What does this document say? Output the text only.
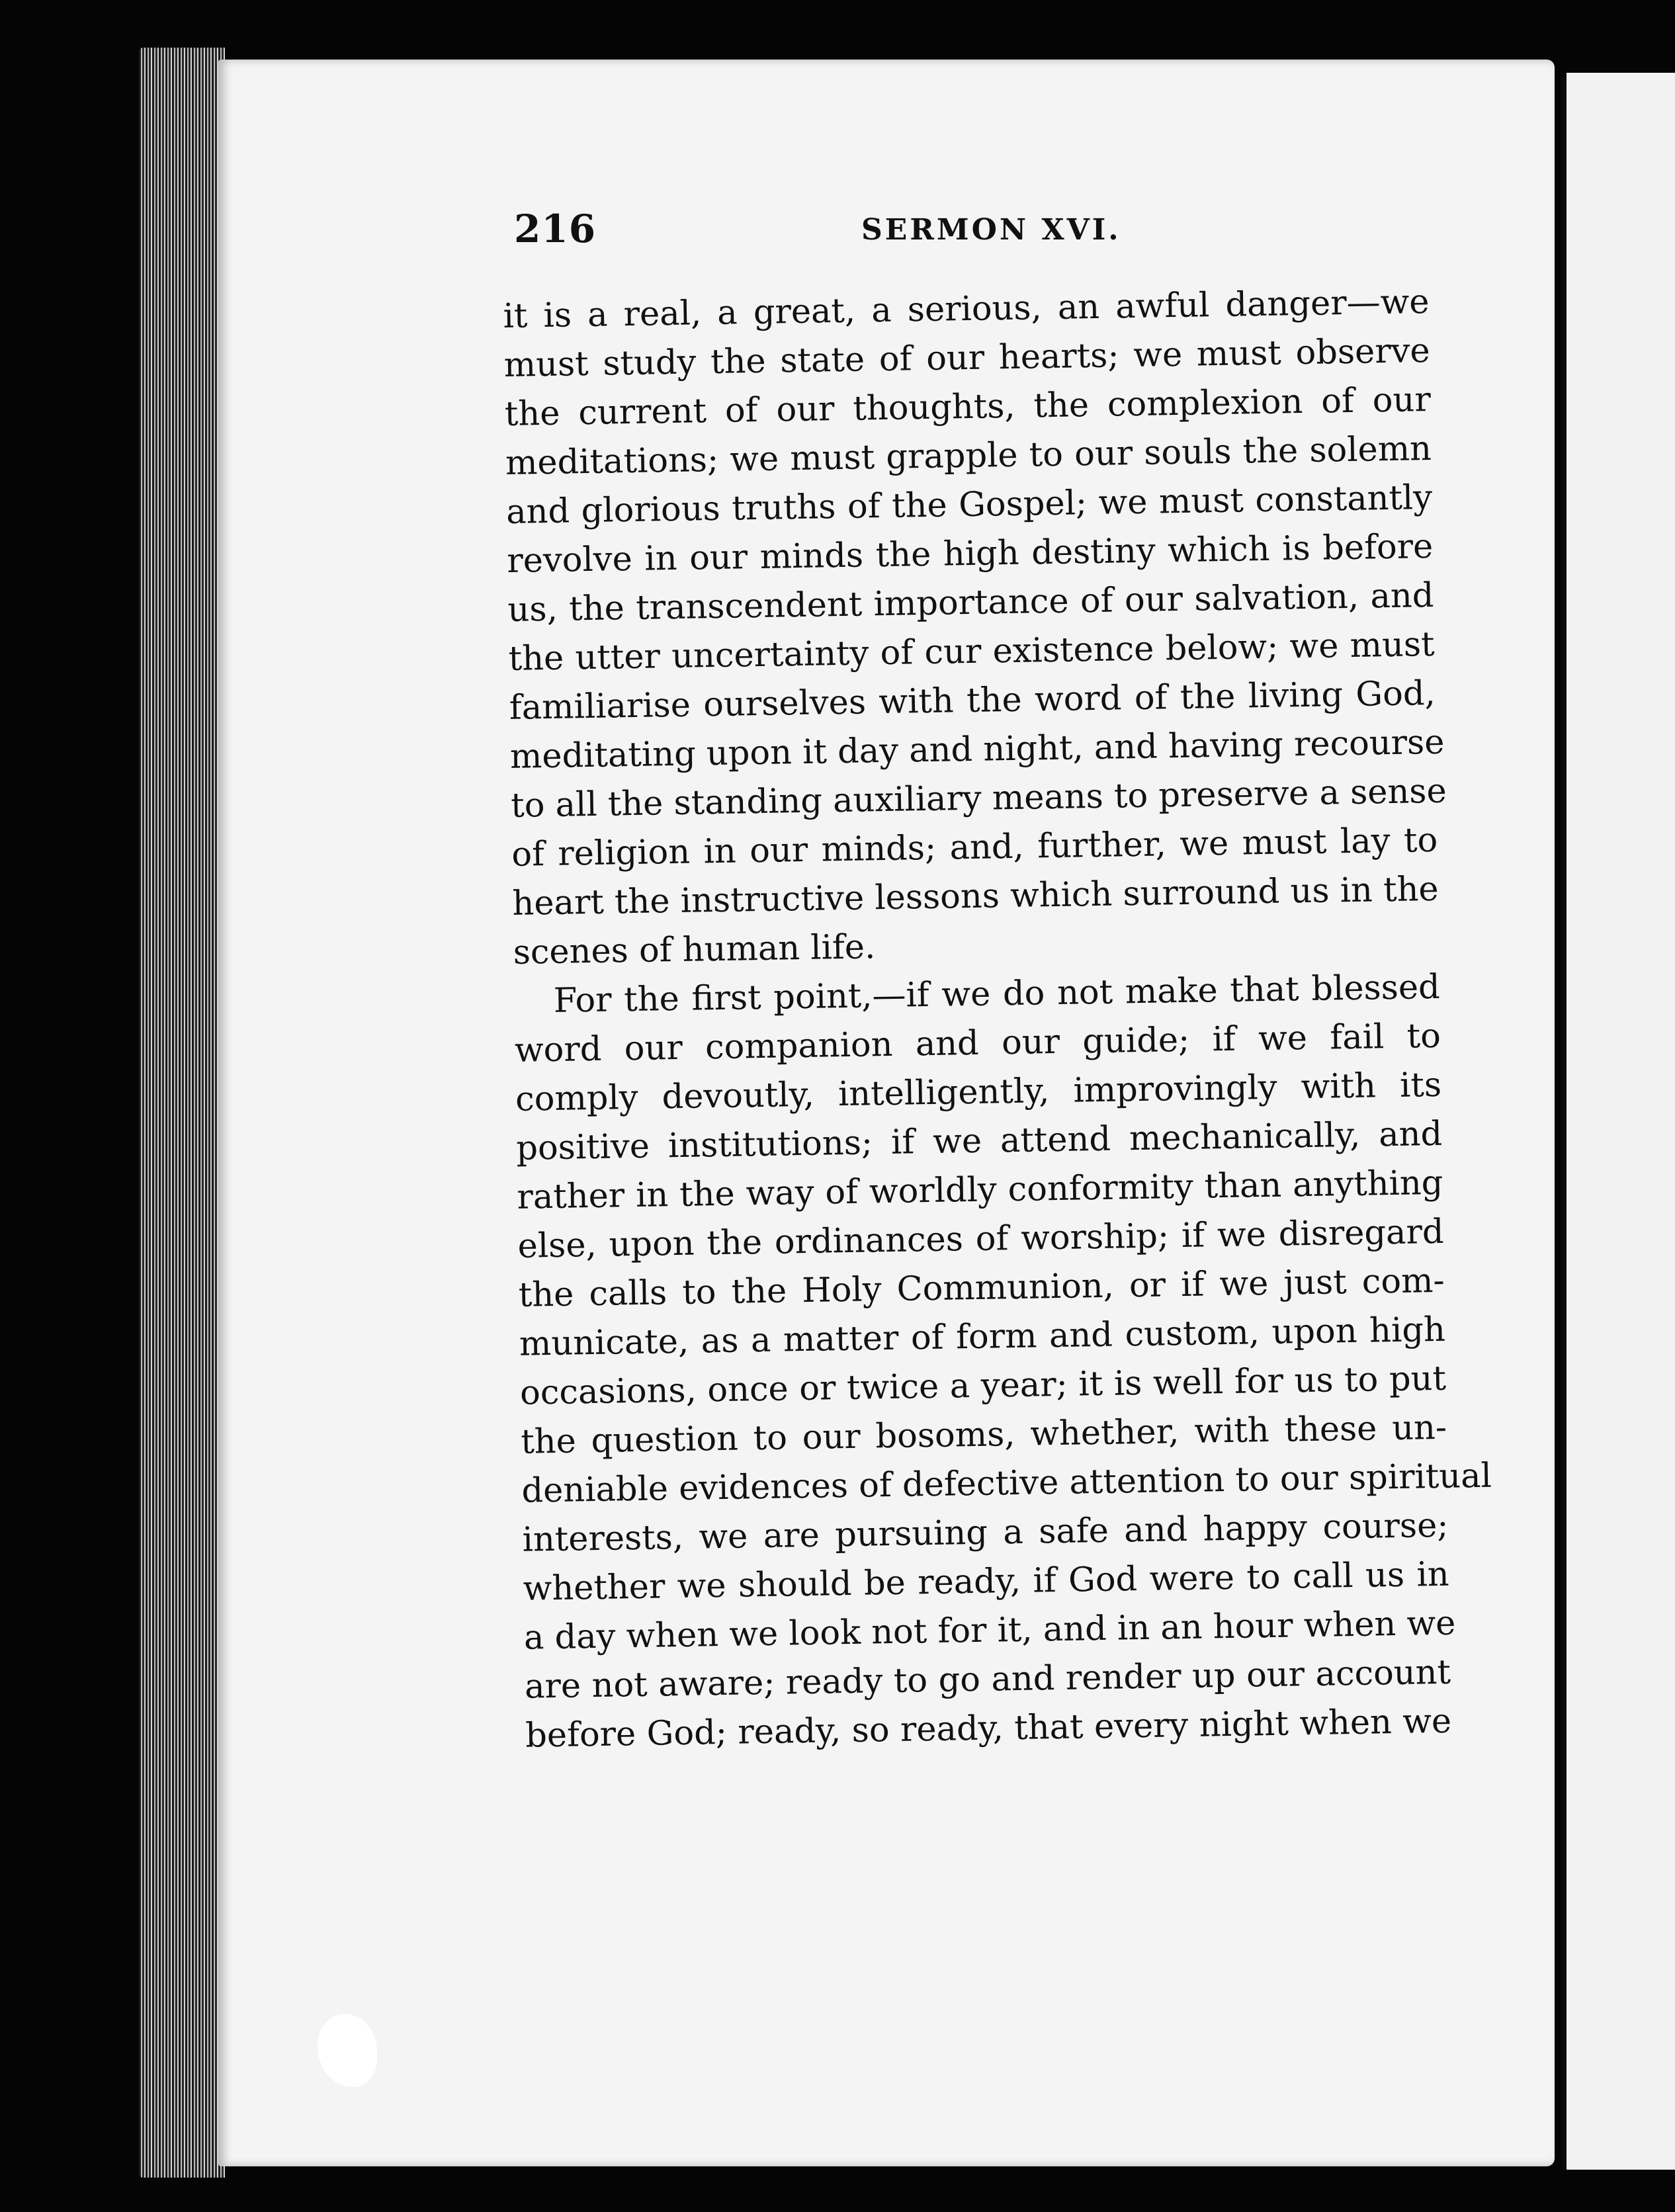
216	SERMON XVI.
it is a real, a great, a serious, an awful danger—we
must study the state of our hearts; we must observe
the current of our thoughts, the complexion of our
meditations; we must grapple to our souls the solemn
and glorious truths of the Gospel; we must constantly
revolve in our minds the high destiny which is before
us, the transcendent importance of our salvation, and
the utter uncertainty of cur existence below; we must
familiarise ourselves with the word of the living God,
meditating upon it day and night, and having recourse
to all the standing auxiliary means to preserve a sense
of religion in our minds; and, further, we must lay to
heart the instructive lessons which surround us in the
scenes of human life.
For the first point,—if we do not make that blessed
word our companion and our guide; if we fail to
comply devoutly, intelligently, improvingly with its
positive institutions; if we attend mechanically, and
rather in the way of worldly conformity than anything
else, upon the ordinances of worship; if we disregard
the calls to the Holy Communion, or if we just com-
municate, as a matter of form and custom, upon high
occasions, once or twice a year; it is well for us to put
the question to our bosoms, whether, with these un-
deniable evidences of defective attention to our spiritual
interests, we are pursuing a safe and happy course;
whether we should be ready, if God were to call us in
a day when we look not for it, and in an hour when we
are not aware; ready to go and render up our account
before God; ready, so ready, that every night when we
